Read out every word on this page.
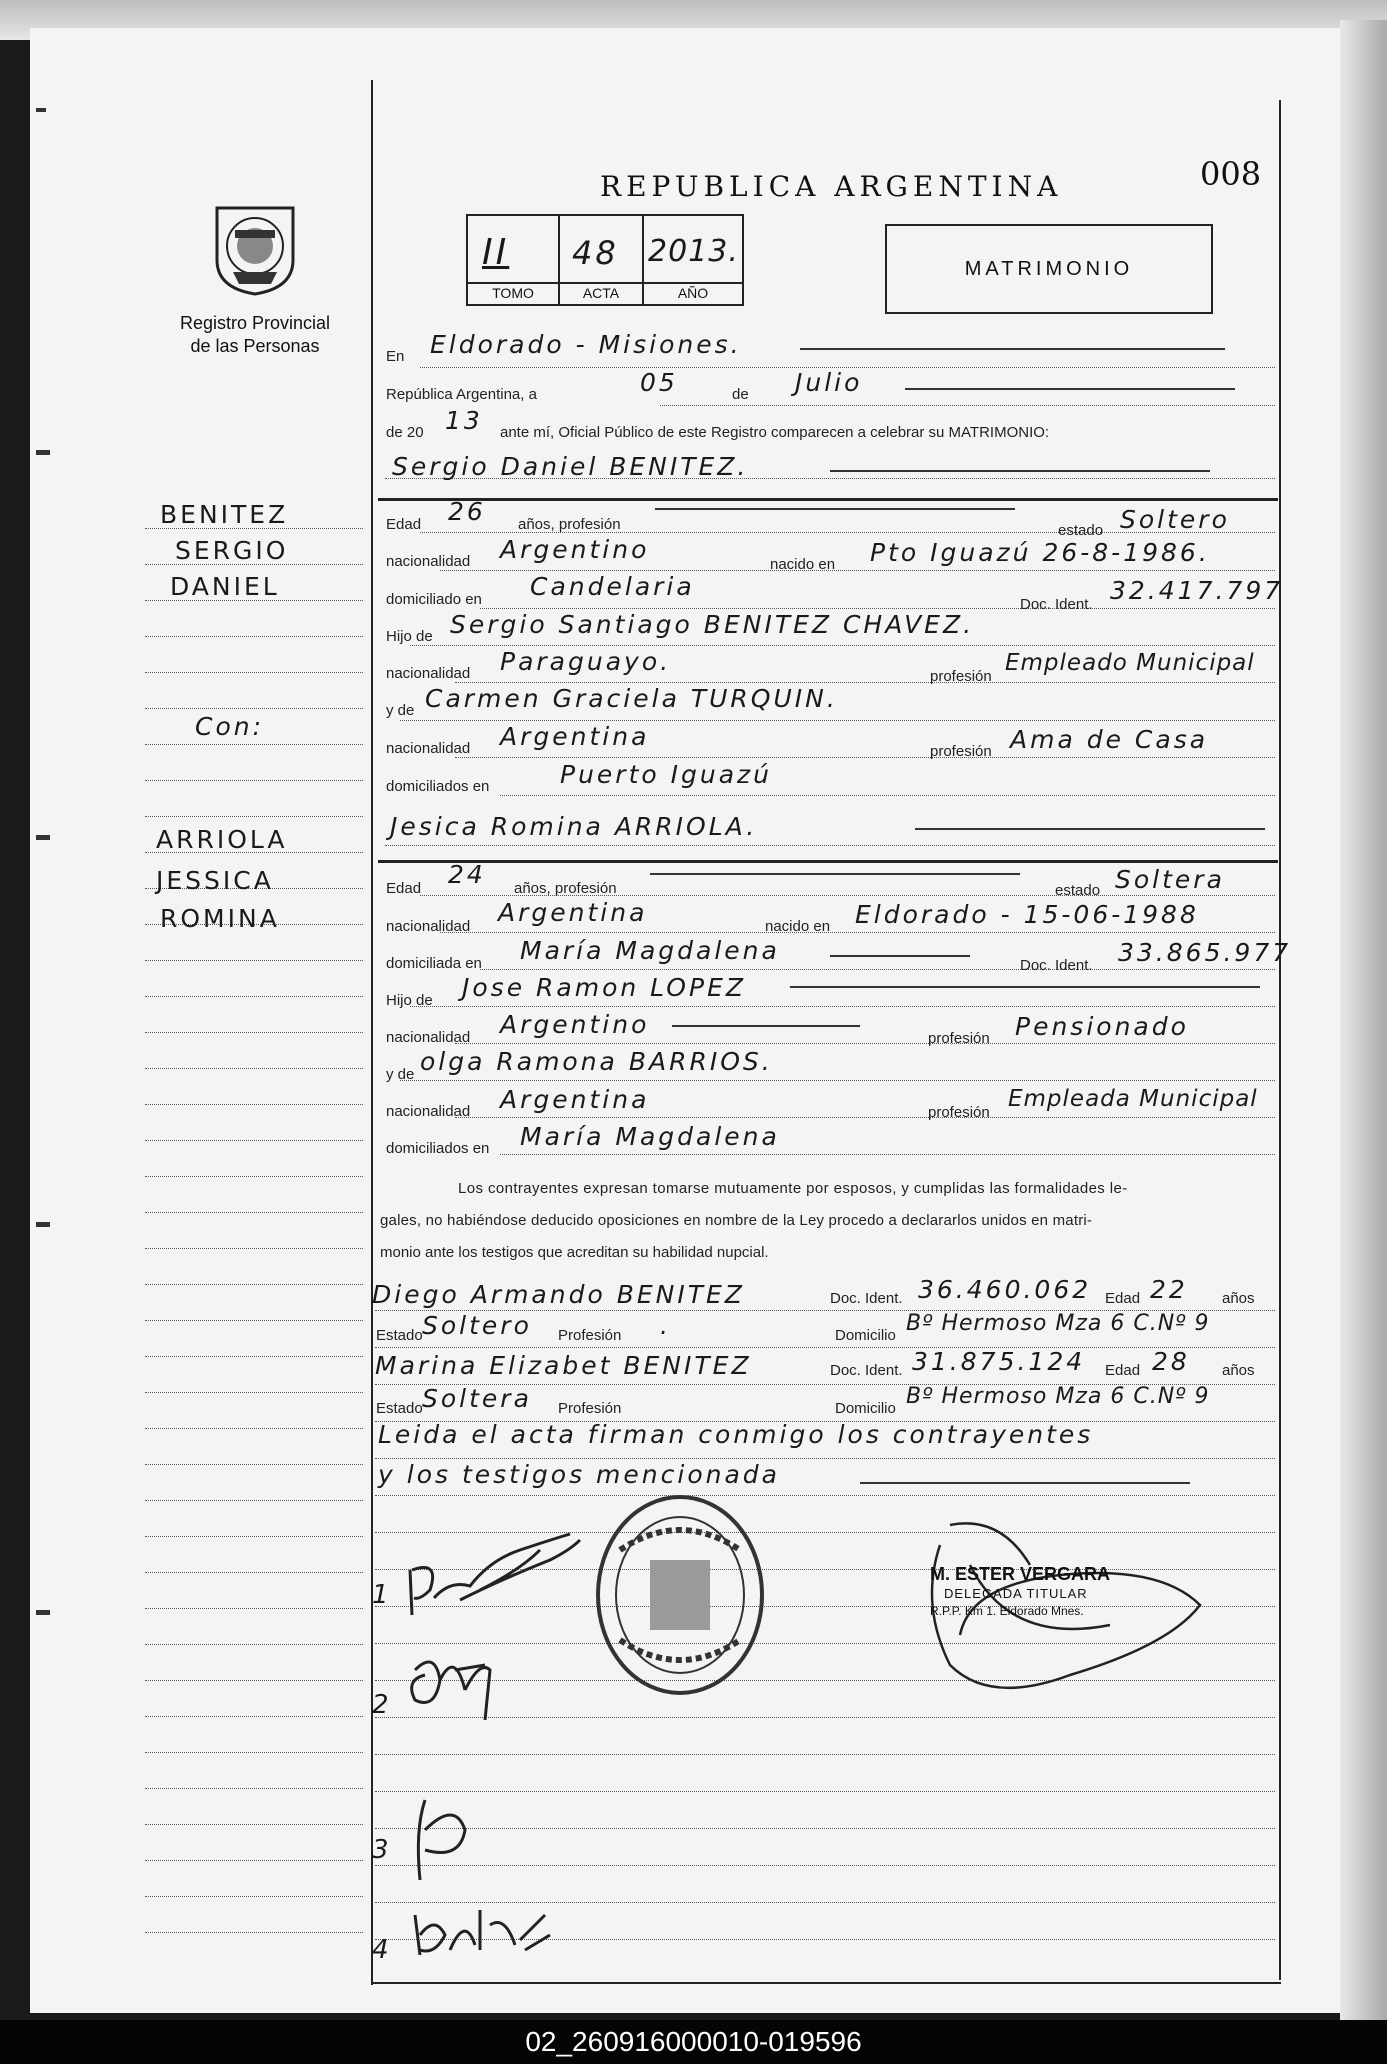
REPUBLICA ARGENTINA	008
Registro Provincial
de las Personas
II 48 2013.
TOMO	ACTA	AÑO
MATRIMONIO
BENITEZ
SERGIO
DANIEL
Con:
ARRIOLA
JESSICA
ROMINA
En Eldorado - Misiones.
República Argentina, a	05	de Julio
de 20 13 ante mí, Oficial Público de este Registro comparecen a celebrar su MATRIMONIO:
Sergio Daniel BENITEZ.
Edad 26 años, profesión	estado Soltero
nacionalidad Argentino
nacido en Pto Iguazú 26-8-1986.
domiciliado en Candelaria
Doc. Ident. 32.417.797
Hijo de Sergio Santiago BENITEZ CHAVEZ.
nacionalidad Paraguayo.
profesión
Empleado Municipal
y de Carmen Graciela TURQUIN.
nacionalidad Argentina
profesión Ama de Casa
domiciliados en	Puerto Iguazú
Jesica Romina ARRIOLA.
Edad 24 años, profesión	estado Soltera
nacionalidad Argentina	nacido en Eldorado - 15-06-1988
domiciliada en María Magdalena
Doc. Ident. 33.865.977
Hijo de Jose Ramon LOPEZ
nacionalidad Argentino	profesión Pensionado
y de olga Ramona BARRIOS.
nacionalidad Argentina	profesión
Empleada Municipal
domiciliados en María Magdalena
Los contrayentes expresan tomarse mutuamente por esposos, y cumplidas las formalidades le-
gales, no habiéndose deducido oposiciones en nombre de la Ley procedo a declararlos unidos en matri-
monio ante los testigos que acreditan su habilidad nupcial.
Diego Armando BENITEZ	Doc. Ident. 36.460.062 Edad 22 años
Estado Soltero Profesión .	Domicilio Bº Hermoso Mza 6 C.Nº 9
Marina Elizabet BENITEZ	Doc. Ident. 31.875.124 Edad 28 años
Estado Soltera Profesión	Domicilio Bº Hermoso Mza 6 C.Nº 9
Leida el acta firman conmigo los contrayentes
y los testigos mencionada
1
2
3
4
M. ESTER VERGARA
DELEGADA TITULAR
R.P.P. Km 1. Eldorado Mnes.
02_260916000010-019596
